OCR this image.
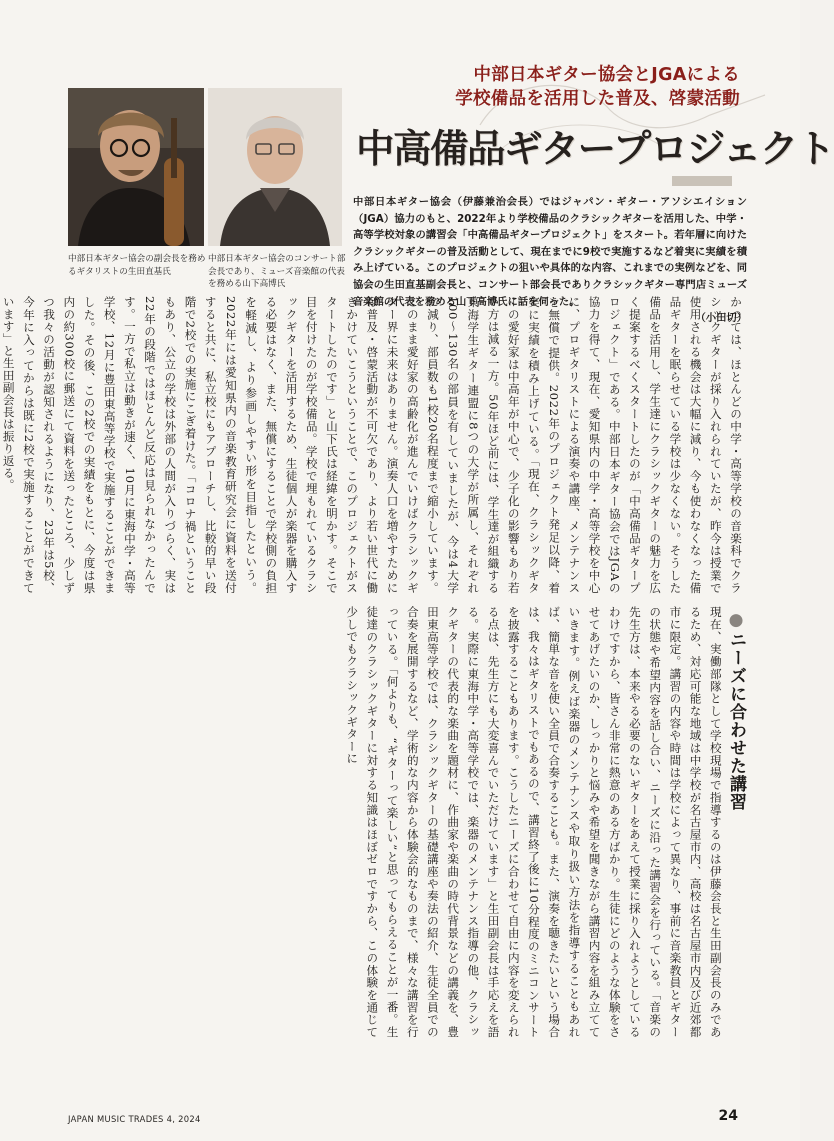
中部日本ギター協会の副会長を務めるギタリストの生田直基氏
中部日本ギター協会のコンサート部会長であり、ミューズ音楽館の代表を務める山下高博氏
中部日本ギター協会とJGAによる
学校備品を活用した普及、啓蒙活動
中高備品ギタープロジェクト
中部日本ギター協会（伊藤兼治会長）ではジャパン・ギター・アソシエイション（JGA）協力のもと、2022年より学校備品のクラシックギターを活用した、中学・高等学校対象の講習会「中高備品ギタープロジェクト」をスタート。若年層に向けたクラシックギターの普及活動として、現在までに9校で実施するなど着実に実績を積み上げている。このプロジェクトの狙いや具体的な内容、これまでの実例などを、同協会の生田直基副会長と、コンサート部会長でありクラシックギター専門店ミューズ音楽館の代表を務める山下高博氏に話を伺った。
（小田切）

かつては、ほとんどの中学・高等学校の音楽科でクラシックギターが採り入れられていたが、昨今は授業で使用される機会は大幅に減り、今も使わなくなった備品ギターを眠らせている学校は少なくない。そうした備品を活用し、学生達にクラシックギターの魅力を広く提案するべくスタートしたのが「中高備品ギタープロジェクト」である。中部日本ギター協会ではJGAの協力を得て、現在、愛知県内の中学・高等学校を中心に、プロギタリストによる演奏や講座、メンテナンスを無償で提供。2022年のプロジェクト発足以降、着実に実績を積み上げている。「現在、クラシックギターの愛好家は中高年が中心で、少子化の影響もあり若い方は減る一方。50年ほど前には、学生達が組織する東海学生ギター連盟に8つの大学が所属し、それぞれ100～130名の部員を有していましたが、今は4大学に減り、部員数も1校20名程度まで縮小しています。このまま愛好家の高齢化が進んでいけばクラシックギター界に未来はありません。演奏人口を増やすためには普及・啓蒙活動が不可欠であり、より若い世代に働きかけていこうということで、このプロジェクトがスタートしたのです」と山下氏は経緯を明かす。そこで目を付けたのが学校備品。学校で埋もれているクラシックギターを活用するため、生徒個人が楽器を購入する必要はなく、また、無償にすることで学校側の負担を軽減し、より参画しやすい形を目指したという。2022年には愛知県内の音楽教育研究会に資料を送付すると共に、私立校にもアプローチし、比較的早い段階で2校での実施にこぎ着けた。「コロナ禍ということもあり、公立の学校は外部の人間が入りづらく、実は22年の段階ではほとんど反応は見られなかったんです。一方で私立は動きが速く、10月に東海中学・高等学校、12月に豊田東高等学校で実施することができました。その後、この2校での実績をもとに、今度は県内の約300校に郵送にて資料を送ったところ、少しずつ我々の活動が認知されるようになり、23年は5校、今年に入ってからは既に2校で実施することができています」と生田副会長は振り返る。

●ニーズに合わせた講習

現在、実働部隊として学校現場で指導するのは伊藤会長と生田副会長のみであるため、対応可能な地域は中学校が名古屋市内、高校は名古屋市内及び近郊都市に限定。講習の内容や時間は学校によって異なり、事前に音楽教員とギターの状態や希望内容を話し合い、ニーズに沿った講習会を行っている。「音楽の先生方は、本来やる必要のないギターをあえて授業に採り入れようとしているわけですから、皆さん非常に熱意のある方ばかり。生徒にどのような体験をさせてあげたいのか、しっかりと悩みや希望を聞きながら講習内容を組み立てていきます。例えば楽器のメンテナンスや取り扱い方法を指導することもあれば、簡単な音を使い全員で合奏することも。また、演奏を聴きたいという場合は、我々はギタリストでもあるので、講習終了後に10分程度のミニコンサートを披露することもあります。こうしたニーズに合わせて自由に内容を変えられる点は、先生方にも大変喜んでいただけています」と生田副会長は手応えを語る。実際に東海中学・高等学校では、楽器のメンテナンス指導の他、クラシックギターの代表的な楽曲を題材に、作曲家や楽曲の時代背景などの講義を、豊田東高等学校では、クラシックギターの基礎講座や奏法の紹介、生徒全員での合奏を展開するなど、学術的な内容から体験会的なものまで、様々な講習を行っている。「何よりも、“ギターって楽しい”と思ってもらえることが一番。生徒達のクラシックギターに対する知識はほぼゼロですから、この体験を通じて少しでもクラシックギターに

JAPAN MUSIC TRADES 4, 2024	24
